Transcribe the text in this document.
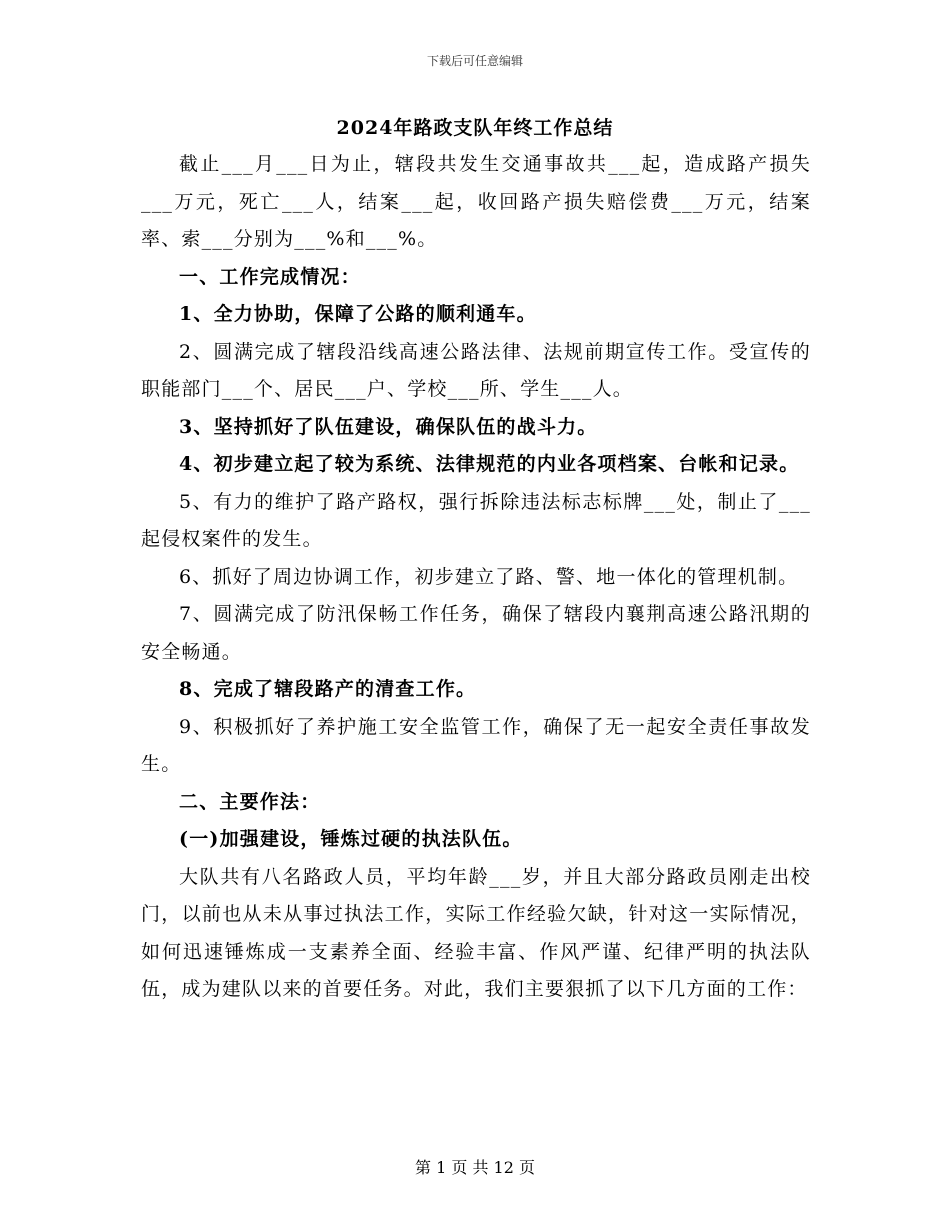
下载后可任意编辑
2024年路政支队年终工作总结

截止___月___日为止，辖段共发生交通事故共___起，造成路产损失___万元，死亡___人，结案___起，收回路产损失赔偿费___万元，结案率、索___分别为___%和___%。

一、工作完成情况：

1、全力协助，保障了公路的顺利通车。

2、圆满完成了辖段沿线高速公路法律、法规前期宣传工作。受宣传的职能部门___个、居民___户、学校___所、学生___人。

3、坚持抓好了队伍建设，确保队伍的战斗力。

4、初步建立起了较为系统、法律规范的内业各项档案、台帐和记录。

5、有力的维护了路产路权，强行拆除违法标志标牌___处，制止了___起侵权案件的发生。

6、抓好了周边协调工作，初步建立了路、警、地一体化的管理机制。

7、圆满完成了防汛保畅工作任务，确保了辖段内襄荆高速公路汛期的安全畅通。

8、完成了辖段路产的清查工作。

9、积极抓好了养护施工安全监管工作，确保了无一起安全责任事故发生。

二、主要作法：

(一)加强建设，锤炼过硬的执法队伍。

大队共有八名路政人员，平均年龄___岁，并且大部分路政员刚走出校门，以前也从未从事过执法工作，实际工作经验欠缺，针对这一实际情况，如何迅速锤炼成一支素养全面、经验丰富、作风严谨、纪律严明的执法队伍，成为建队以来的首要任务。对此，我们主要狠抓了以下几方面的工作：

第 1 页 共 12 页
